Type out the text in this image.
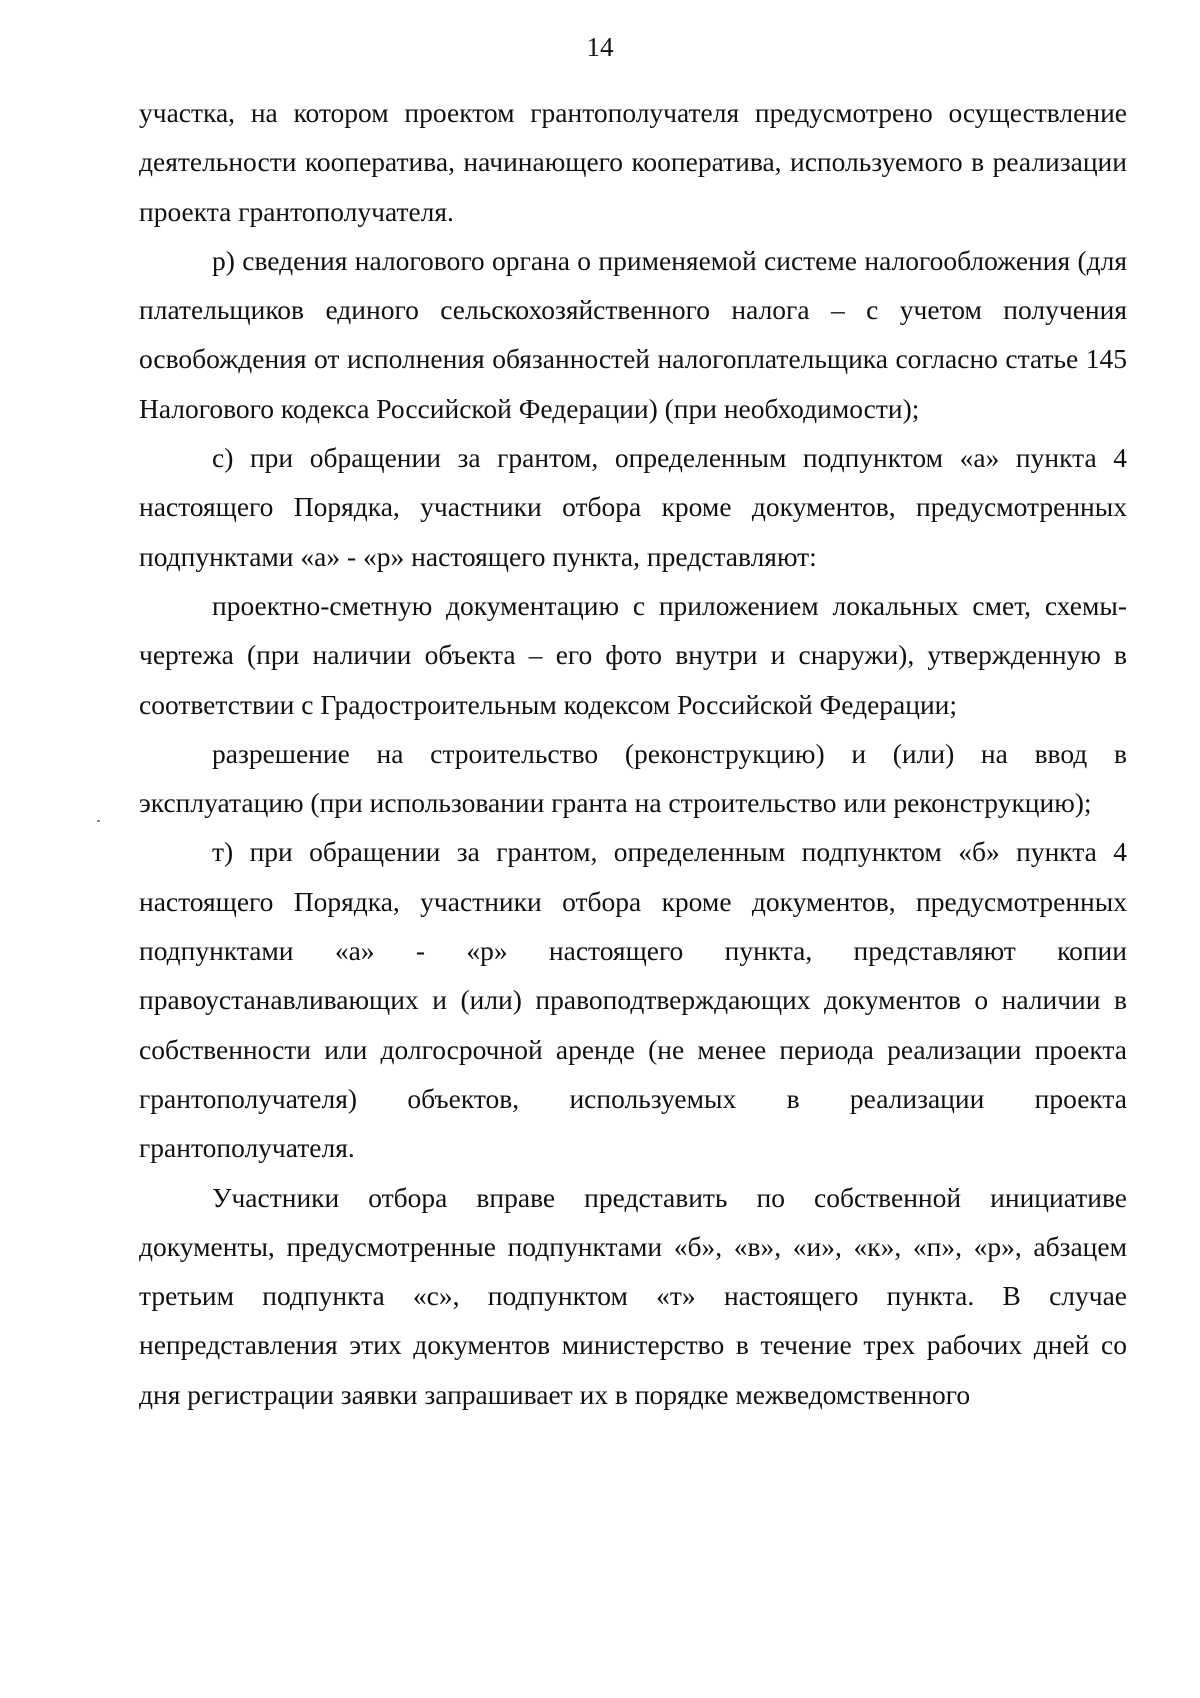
14

участка, на котором проектом грантополучателя предусмотрено осуществление деятельности кооператива, начинающего кооператива, используемого в реализации проекта грантополучателя.

р) сведения налогового органа о применяемой системе налогообложения (для плательщиков единого сельскохозяйственного налога – с учетом получения освобождения от исполнения обязанностей налогоплательщика согласно статье 145 Налогового кодекса Российской Федерации) (при необходимости);

с) при обращении за грантом, определенным подпунктом «а» пункта 4 настоящего Порядка, участники отбора кроме документов, предусмотренных подпунктами «а» - «р» настоящего пункта, представляют:

проектно-сметную документацию с приложением локальных смет, схемы-чертежа (при наличии объекта – его фото внутри и снаружи), утвержденную в соответствии с Градостроительным кодексом Российской Федерации;

разрешение на строительство (реконструкцию) и (или) на ввод в эксплуатацию (при использовании гранта на строительство или реконструкцию);

т) при обращении за грантом, определенным подпунктом «б» пункта 4 настоящего Порядка, участники отбора кроме документов, предусмотренных подпунктами «а» - «р» настоящего пункта, представляют копии правоустанавливающих и (или) правоподтверждающих документов о наличии в собственности или долгосрочной аренде (не менее периода реализации проекта грантополучателя) объектов, используемых в реализации проекта грантополучателя.

Участники отбора вправе представить по собственной инициативе документы, предусмотренные подпунктами «б», «в», «и», «к», «п», «р», абзацем третьим подпункта «с», подпунктом «т» настоящего пункта. В случае непредставления этих документов министерство в течение трех рабочих дней со дня регистрации заявки запрашивает их в порядке межведомственного
